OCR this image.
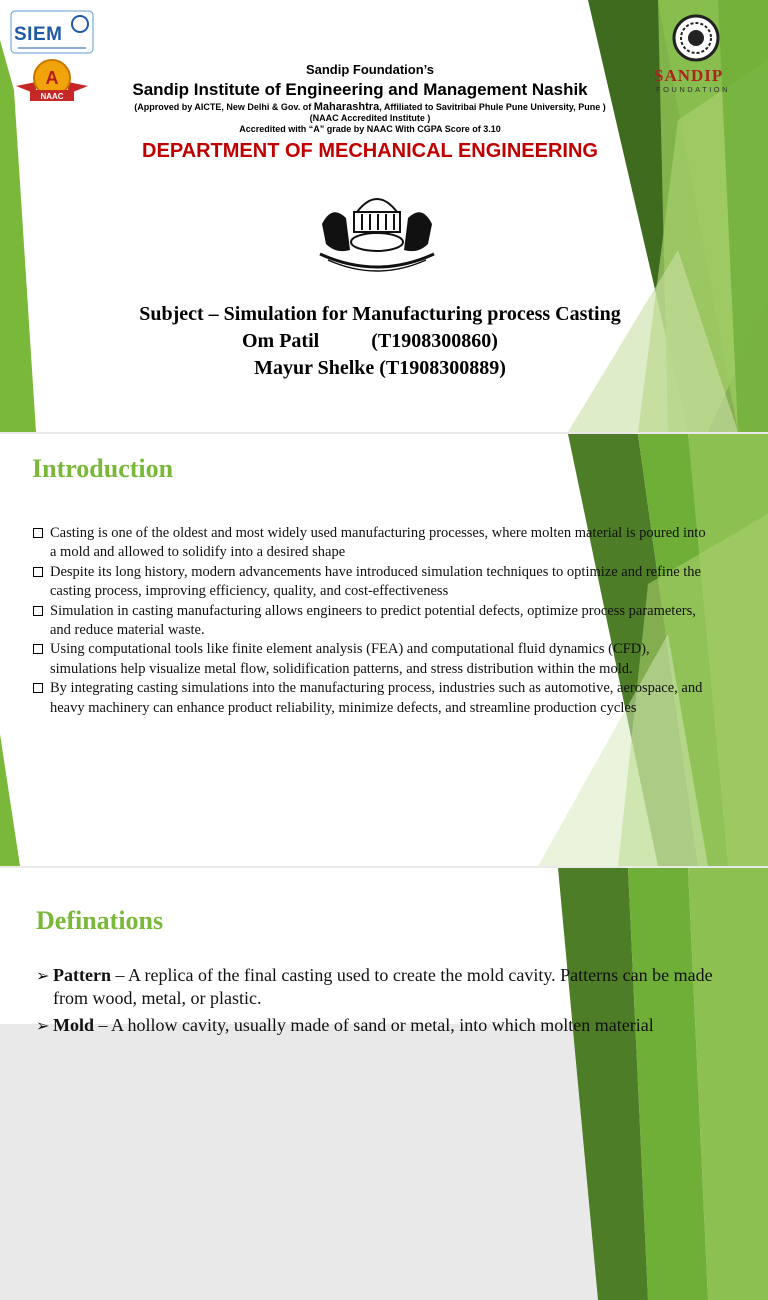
SIEM
A
NAAC
SANDIP
FOUNDATION
Sandip Foundation’s
Sandip Institute of Engineering and Management Nashik
(Approved by AICTE, New Delhi & Gov. of Maharashtra, Affiliated to Savitribai Phule Pune University, Pune )
(NAAC Accredited Institute )
Accredited with “A” grade by NAAC With CGPA Score of 3.10
DEPARTMENT OF MECHANICAL ENGINEERING
Subject – Simulation for Manufacturing process Casting
Om Patil	(T1908300860)
Mayur Shelke (T1908300889)
Introduction
Casting is one of the oldest and most widely used manufacturing processes, where molten material is poured into a mold and allowed to solidify into a desired shape
Despite its long history, modern advancements have introduced simulation techniques to optimize and refine the casting process, improving efficiency, quality, and cost-effectiveness
Simulation in casting manufacturing allows engineers to predict potential defects, optimize process parameters, and reduce material waste.
Using computational tools like finite element analysis (FEA) and computational fluid dynamics (CFD), simulations help visualize metal flow, solidification patterns, and stress distribution within the mold.
By integrating casting simulations into the manufacturing process, industries such as automotive, aerospace, and heavy machinery can enhance product reliability, minimize defects, and streamline production cycles
Definations
➢ Pattern – A replica of the final casting used to create the mold cavity. Patterns can be made from wood, metal, or plastic.
➢ Mold – A hollow cavity, usually made of sand or metal, into which molten material
